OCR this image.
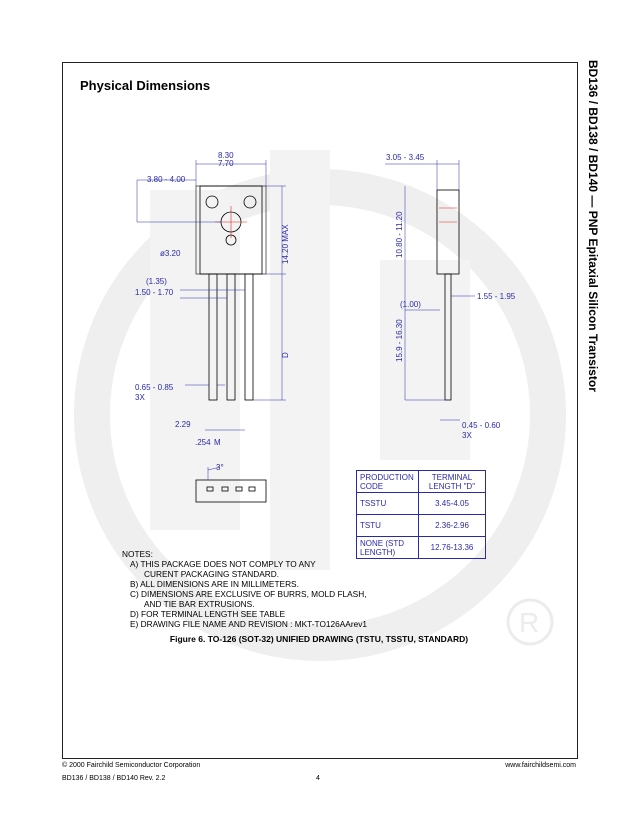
R
Physical Dimensions	BD136 / BD138 / BD140 — PNP Epitaxial Silicon Transistor
8.30
7.70
3.80 - 4.00
ø3.20	14.20 MAX
(1.35)
1.50 - 1.70
0.65 - 0.85
3X
2.29
.254 M
3°
D
3.05 - 3.45
10.80 - 11.20
(1.00)
15.9 - 16.30
1.55 - 1.95
0.45 - 0.60
3X
PRODUCTION CODE	TERMINAL LENGTH "D"
TSSTU	3.45-4.05
TSTU	2.36-2.96
NONE (STD LENGTH)	12.76-13.36
NOTES:
A) THIS PACKAGE DOES NOT COMPLY TO ANY
CURENT PACKAGING STANDARD.
B) ALL DIMENSIONS ARE IN MILLIMETERS.
C) DIMENSIONS ARE EXCLUSIVE OF BURRS, MOLD FLASH,
AND TIE BAR EXTRUSIONS.
D) FOR TERMINAL LENGTH SEE TABLE
E) DRAWING FILE NAME AND REVISION : MKT-TO126AArev1
Figure 6. TO-126 (SOT-32) UNIFIED DRAWING (TSTU, TSSTU, STANDARD)
© 2000 Fairchild Semiconductor Corporation
BD136 / BD138 / BD140 Rev. 2.2	4
www.fairchildsemi.com
